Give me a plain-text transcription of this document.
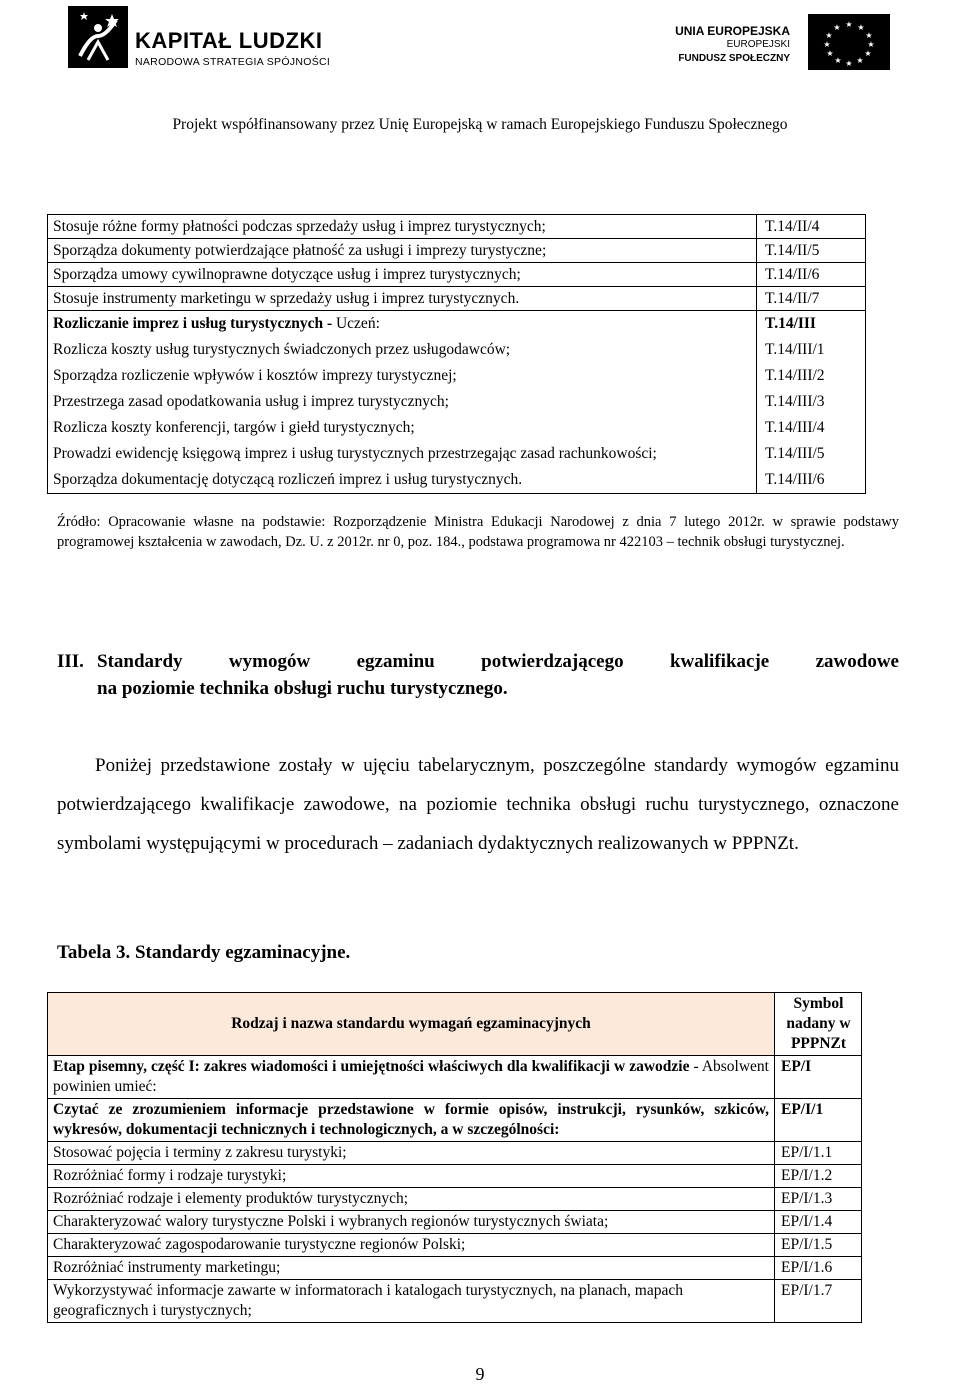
KAPITAŁ LUDZKI
NARODOWA STRATEGIA SPÓJNOŚCI
UNIA EUROPEJSKA
EUROPEJSKI
FUNDUSZ SPOŁECZNY
★ ★
★
★
★
★
★
★
★
★
★
★
Projekt współfinansowany przez Unię Europejską w ramach Europejskiego Funduszu Społecznego
Stosuje różne formy płatności podczas sprzedaży usług i imprez turystycznych;	T.14/II/4
Sporządza dokumenty potwierdzające płatność za usługi i imprezy turystyczne;	T.14/II/5
Sporządza umowy cywilnoprawne dotyczące usług i imprez turystycznych;	T.14/II/6
Stosuje instrumenty marketingu w sprzedaży usług i imprez turystycznych.	T.14/II/7
Rozliczanie imprez i usług turystycznych - Uczeń:	T.14/III
Rozlicza koszty usług turystycznych świadczonych przez usługodawców;	T.14/III/1
Sporządza rozliczenie wpływów i kosztów imprezy turystycznej;	T.14/III/2
Przestrzega zasad opodatkowania usług i imprez turystycznych;	T.14/III/3
Rozlicza koszty konferencji, targów i giełd turystycznych;	T.14/III/4
Prowadzi ewidencję księgową imprez i usług turystycznych przestrzegając zasad rachunkowości;	T.14/III/5
Sporządza dokumentację dotyczącą rozliczeń imprez i usług turystycznych.	T.14/III/6
Źródło: Opracowanie własne na podstawie: Rozporządzenie Ministra Edukacji Narodowej z dnia 7 lutego 2012r. w sprawie podstawy programowej kształcenia w zawodach, Dz. U. z 2012r. nr 0, poz. 184., podstawa programowa nr 422103 – technik obsługi turystycznej.
III. Standardy wymogów egzaminu potwierdzającego kwalifikacje zawodowe
na poziomie technika obsługi ruchu turystycznego.
Poniżej przedstawione zostały w ujęciu tabelarycznym, poszczególne standardy wymogów egzaminu potwierdzającego kwalifikacje zawodowe, na poziomie technika obsługi ruchu turystycznego, oznaczone symbolami występującymi w procedurach – zadaniach dydaktycznych realizowanych w PPPNZt.
Tabela 3. Standardy egzaminacyjne.
Rodzaj i nazwa standardu wymagań egzaminacyjnych	Symbol nadany w PPPNZt
Etap pisemny, część I: zakres wiadomości i umiejętności właściwych dla kwalifikacji w zawodzie - Absolwent powinien umieć:	EP/I
Czytać ze zrozumieniem informacje przedstawione w formie opisów, instrukcji, rysunków, szkiców, wykresów, dokumentacji technicznych i technologicznych, a w szczególności:	EP/I/1
Stosować pojęcia i terminy z zakresu turystyki;	EP/I/1.1
Rozróżniać formy i rodzaje turystyki;	EP/I/1.2
Rozróżniać rodzaje i elementy produktów turystycznych;	EP/I/1.3
Charakteryzować walory turystyczne Polski i wybranych regionów turystycznych świata;	EP/I/1.4
Charakteryzować zagospodarowanie turystyczne regionów Polski;	EP/I/1.5
Rozróżniać instrumenty marketingu;	EP/I/1.6
Wykorzystywać informacje zawarte w informatorach i katalogach turystycznych, na planach, mapach geograficznych i turystycznych;	EP/I/1.7
9
